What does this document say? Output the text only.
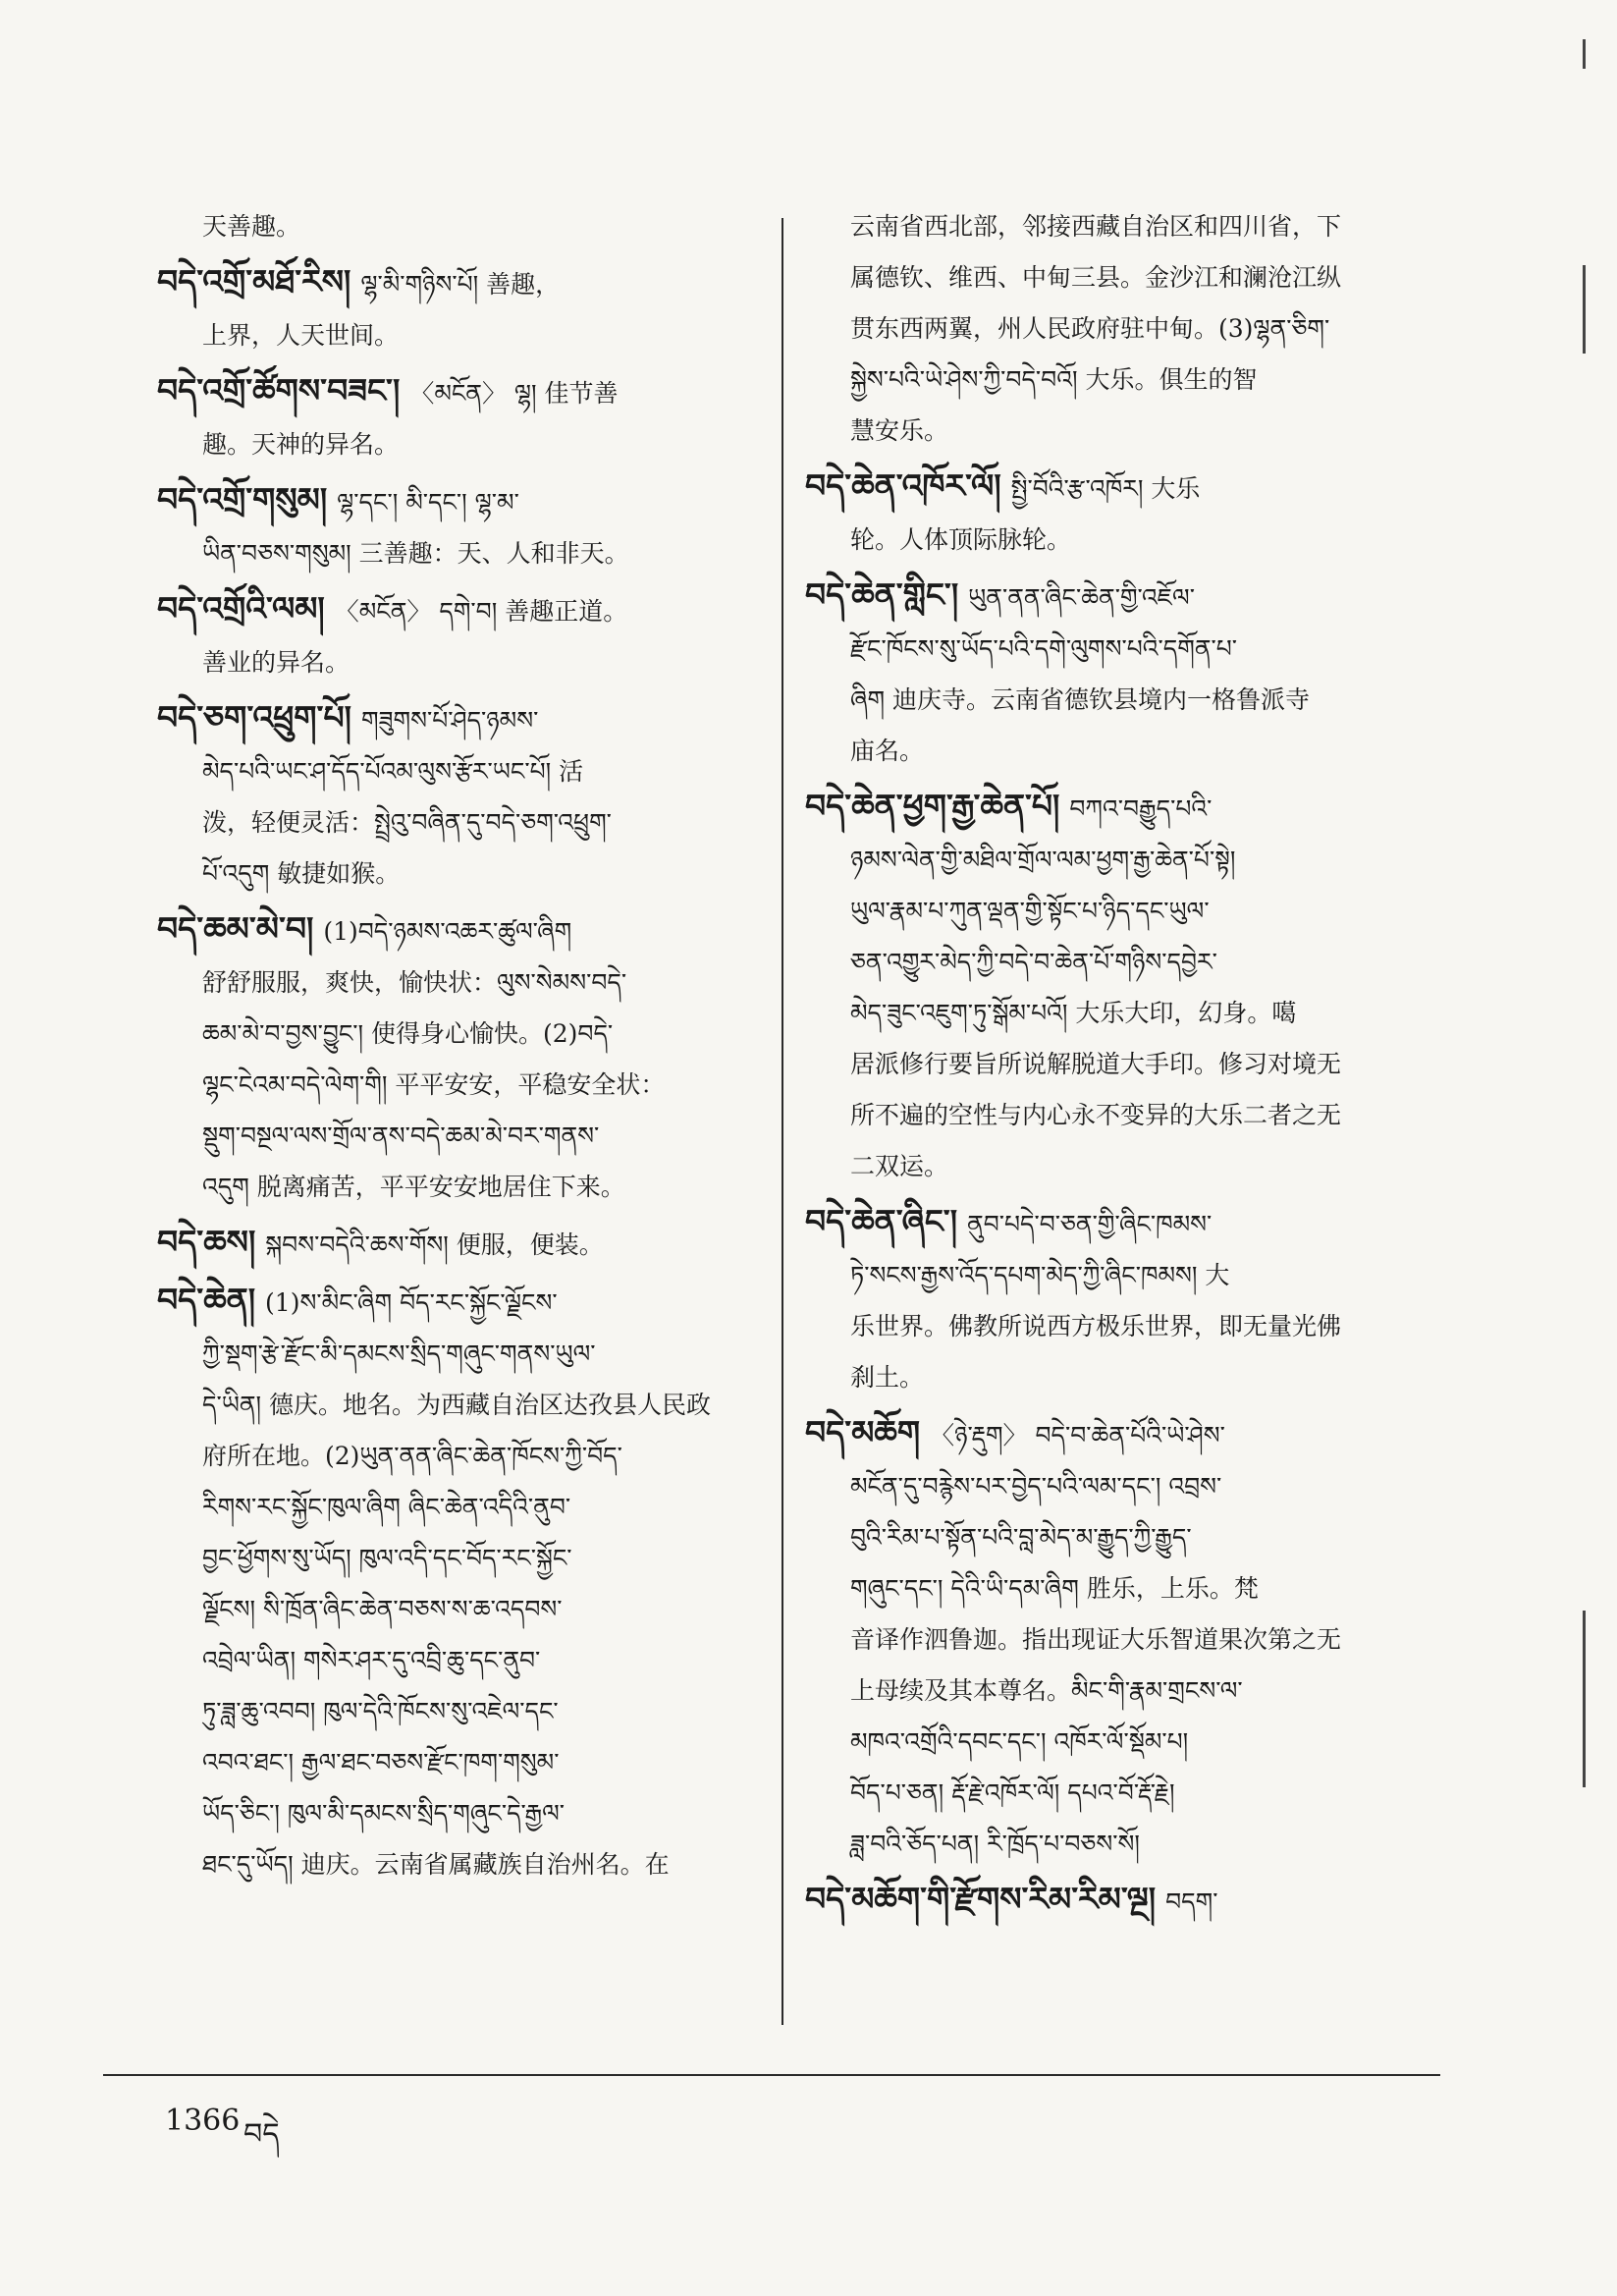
天善趣。
བདེ་འགྲོ་མཐོ་རིས། ལྷ་མི་གཉིས་པོ། 善趣，
上界，人天世间。
བདེ་འགྲོ་ཚོགས་བཟང་། 〈མངོན〉 ལྷ། 佳节善
趣。天神的异名。
བདེ་འགྲོ་གསུམ། ལྷ་དང་། མི་དང་། ལྷ་མ་
ཡིན་བཅས་གསུམ། 三善趣：天、人和非天。
བདེ་འགྲོའི་ལམ། 〈མངོན〉 དགེ་བ། 善趣正道。
善业的异名。
བདེ་ཅག་འཕྲུག་པོ། གཟུགས་པོ་ཤེད་ཉམས་
མེད་པའི་ཡང་ཤ་དོད་པོའམ་ལུས་རྩོར་ཡང་པོ། 活
泼，轻便灵活：སྤྲེའུ་བཞིན་དུ་བདེ་ཅག་འཕྲུག་
པོ་འདུག 敏捷如猴。
བདེ་ཆམ་མེ་བ། (1)བདེ་ཉམས་འཆར་ཚུལ་ཞིག
舒舒服服，爽快，愉快状：ལུས་སེམས་བདེ་
ཆམ་མེ་བ་བྱས་བྱུང་། 使得身心愉快。(2)བདེ་
ལྷང་ངེའམ་བདེ་ལེག་གི། 平平安安，平稳安全状：
སྡུག་བསྔལ་ལས་གྲོལ་ནས་བདེ་ཆམ་མེ་བར་གནས་
འདུག 脱离痛苦，平平安安地居住下来。
བདེ་ཆས། སྐབས་བདེའི་ཆས་གོས། 便服，便装。
བདེ་ཆེན། (1)ས་མིང་ཞིག བོད་རང་སྐྱོང་ལྗོངས་
ཀྱི་སྡག་རྩེ་རྫོང་མི་དམངས་སྲིད་གཞུང་གནས་ཡུལ་
དེ་ཡིན། 德庆。地名。为西藏自治区达孜县人民政
府所在地。(2)ཡུན་ནན་ཞིང་ཆེན་ཁོངས་ཀྱི་བོད་
རིགས་རང་སྐྱོང་ཁུལ་ཞིག ཞིང་ཆེན་འདིའི་ནུབ་
བྱང་ཕྱོགས་སུ་ཡོད། ཁུལ་འདི་དང་བོད་རང་སྐྱོང་
ལྗོངས། སི་ཁྲོན་ཞིང་ཆེན་བཅས་ས་ཆ་འདབས་
འབྲེལ་ཡིན། གསེར་ཤར་དུ་འབྲི་ཆུ་དང་ནུབ་
ཏུ་ཟླ་ཆུ་འབབ། ཁུལ་དེའི་ཁོངས་སུ་འཇེལ་དང་
འབའ་ཐང་། རྒྱལ་ཐང་བཅས་རྫོང་ཁག་གསུམ་
ཡོད་ཅིང་། ཁུལ་མི་དམངས་སྲིད་གཞུང་དེ་རྒྱལ་
ཐང་དུ་ཡོད། 迪庆。云南省属藏族自治州名。在
云南省西北部，邻接西藏自治区和四川省，下
属德钦、维西、中甸三县。金沙江和澜沧江纵
贯东西两翼，州人民政府驻中甸。(3)ལྷན་ཅིག་
སྐྱེས་པའི་ཡེ་ཤེས་ཀྱི་བདེ་བའོ། 大乐。俱生的智
慧安乐。
བདེ་ཆེན་འཁོར་ལོ། སྤྱི་བོའི་རྩ་འཁོར། 大乐
轮。人体顶际脉轮。
བདེ་ཆེན་གླིང་། ཡུན་ནན་ཞིང་ཆེན་གྱི་འཇོལ་
རྫོང་ཁོངས་སུ་ཡོད་པའི་དགེ་ལུགས་པའི་དགོན་པ་
ཞིག 迪庆寺。云南省德钦县境内一格鲁派寺
庙名。
བདེ་ཆེན་ཕྱག་རྒྱ་ཆེན་པོ། བཀའ་བརྒྱུད་པའི་
ཉམས་ལེན་གྱི་མཐིལ་གྲོལ་ལམ་ཕྱག་རྒྱ་ཆེན་པོ་སྟེ།
ཡུལ་རྣམ་པ་ཀུན་ལྡན་གྱི་སྟོང་པ་ཉིད་དང་ཡུལ་
ཅན་འགྱུར་མེད་ཀྱི་བདེ་བ་ཆེན་པོ་གཉིས་དབྱེར་
མེད་ཟུང་འཇུག་ཏུ་སྒོམ་པའོ། 大乐大印，幻身。噶
居派修行要旨所说解脱道大手印。修习对境无
所不遍的空性与内心永不变异的大乐二者之无
二双运。
བདེ་ཆེན་ཞིང་། ནུབ་པདེ་བ་ཅན་གྱི་ཞིང་ཁམས་
ཏེ་སངས་རྒྱས་འོད་དཔག་མེད་ཀྱི་ཞིང་ཁམས། 大
乐世界。佛教所说西方极乐世界，即无量光佛
刹土。
བདེ་མཆོག 〈ཉེ་རྡུག〉 བདེ་བ་ཆེན་པོའི་ཡེ་ཤེས་
མངོན་དུ་བརྙེས་པར་བྱེད་པའི་ལམ་དང་། འབྲས་
བུའི་རིམ་པ་སྟོན་པའི་བླ་མེད་མ་རྒྱུད་ཀྱི་རྒྱུད་
གཞུང་དང་། དེའི་ཡི་དམ་ཞིག 胜乐，上乐。梵
音译作泗鲁迦。指出现证大乐智道果次第之无
上母续及其本尊名。མིང་གི་རྣམ་གྲངས་ལ་
མཁའ་འགྲོའི་དབང་དང་། འཁོར་ལོ་སྡོམ་པ།
བོད་པ་ཅན། རྡོ་རྗེ་འཁོར་ལོ། དཔའ་བོ་རྡོ་རྗེ།
ཟླ་བའི་ཅོད་པན། རི་ཁྲོད་པ་བཅས་སོ།
བདེ་མཆོག་གི་རྫོགས་རིམ་རིམ་ལྔ། བདག་
1366 བདེ
